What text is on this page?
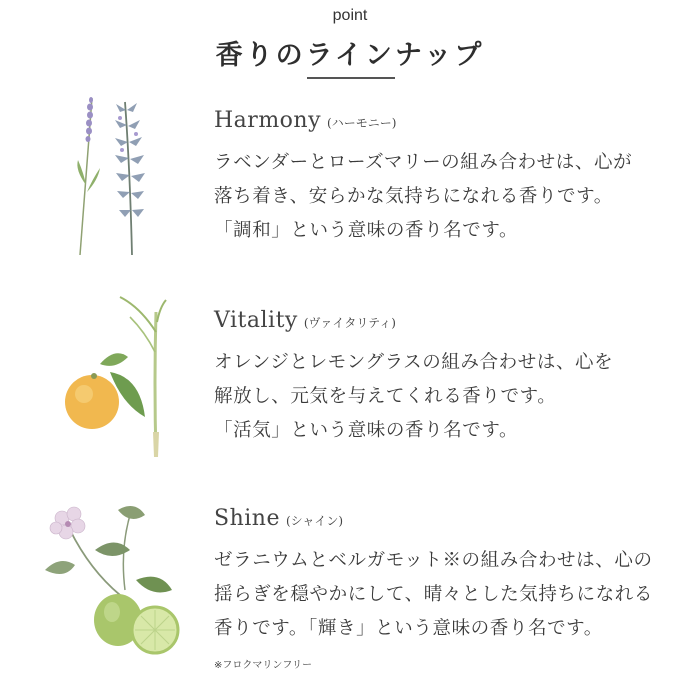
point
香りのラインナップ
Harmony (ハーモニー)
ラベンダーとローズマリーの組み合わせは、心が
落ち着き、安らかな気持ちになれる香りです。
「調和」という意味の香り名です。
Vitality (ヴァイタリティ)
オレンジとレモングラスの組み合わせは、心を
解放し、元気を与えてくれる香りです。
「活気」という意味の香り名です。
Shine (シャイン)
ゼラニウムとベルガモット※の組み合わせは、心の
揺らぎを穏やかにして、晴々とした気持ちになれる
香りです。「輝き」という意味の香り名です。
※フロクマリンフリー
